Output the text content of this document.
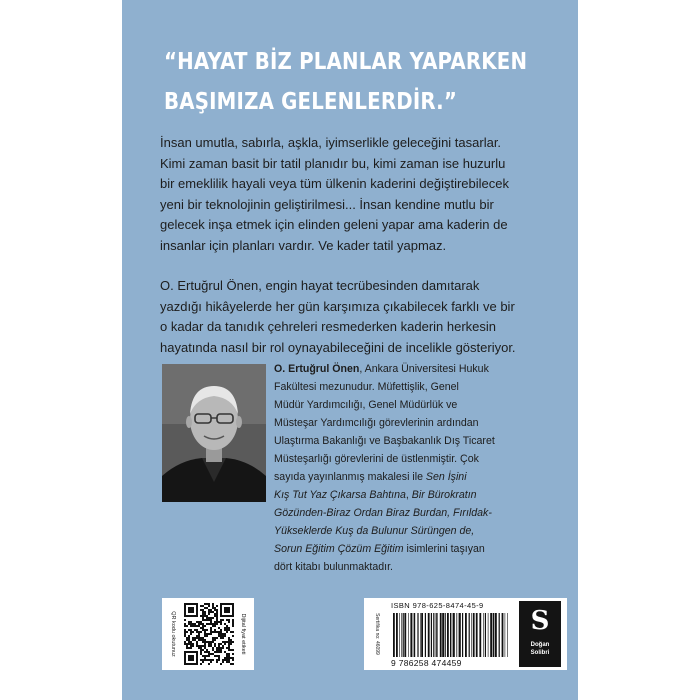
“HAYAT BİZ PLANLAR YAPARKEN
BAŞIMIZA GELENLERDİR.”
İnsan umutla, sabırla, aşkla, iyimserlikle geleceğini tasarlar.
Kimi zaman basit bir tatil planıdır bu, kimi zaman ise huzurlu
bir emeklilik hayali veya tüm ülkenin kaderini değiştirebilecek
yeni bir teknolojinin geliştirilmesi... İnsan kendine mutlu bir
gelecek inşa etmek için elinden geleni yapar ama kaderin de
insanlar için planları vardır. Ve kader tatil yapmaz.
O. Ertuğrul Önen, engin hayat tecrübesinden damıtarak
yazdığı hikâyelerde her gün karşımıza çıkabilecek farklı ve bir
o kadar da tanıdık çehreleri resmederken kaderin herkesin
hayatında nasıl bir rol oynayabileceğini de incelikle gösteriyor.
O. Ertuğrul Önen, Ankara Üniversitesi Hukuk
Fakültesi mezunudur. Müfettişlik, Genel
Müdür Yardımcılığı, Genel Müdürlük ve
Müsteşar Yardımcılığı görevlerinin ardından
Ulaştırma Bakanlığı ve Başbakanlık Dış Ticaret
Müsteşarlığı görevlerini de üstlenmiştir. Çok
sayıda yayınlanmış makalesi ile Sen İşini
Kış Tut Yaz Çıkarsa Bahtına, Bir Bürokratın
Gözünden-Biraz Ordan Biraz Burdan, Fırıldak-
Yükseklerde Kuş da Bulunur Sürüngen de,
Sorun Eğitim Çözüm Eğitim isimlerini taşıyan
dört kitabı bulunmaktadır.
QR kodu okutunuz	Dijital fiyat etiketi	Sertifika no: 46099
ISBN 978-625-8474-45-9
9 786258 474459
S
Doğan
Solibri
